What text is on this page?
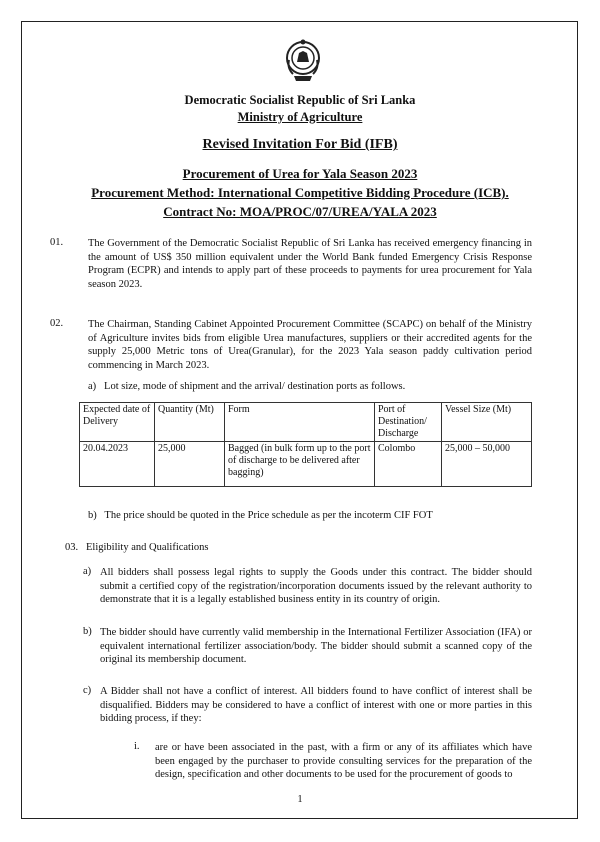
Democratic Socialist Republic of Sri Lanka
Ministry of Agriculture
Revised Invitation For Bid (IFB)
Procurement of Urea for Yala Season 2023
Procurement Method: International Competitive Bidding Procedure (ICB).
Contract No: MOA/PROC/07/UREA/YALA 2023
01. The Government of the Democratic Socialist Republic of Sri Lanka has received emergency financing in the amount of US$ 350 million equivalent under the World Bank funded Emergency Crisis Response Program (ECPR) and intends to apply part of these proceeds to payments for urea procurement for Yala season 2023.
02. The Chairman, Standing Cabinet Appointed Procurement Committee (SCAPC) on behalf of the Ministry of Agriculture invites bids from eligible Urea manufactures, suppliers or their accredited agents for the supply 25,000 Metric tons of Urea(Granular), for the 2023 Yala season paddy cultivation period commencing in March 2023.
a)   Lot size, mode of shipment and the arrival/ destination ports as follows.
Expected date of Delivery	Quantity (Mt)	Form	Port of Destination/ Discharge	Vessel Size (Mt)
20.04.2023	25,000	Bagged (in bulk form up to the port of discharge to be delivered after bagging)	Colombo	25,000 – 50,000
b)   The price should be quoted in the Price schedule as per the incoterm CIF FOT
03.   Eligibility and Qualifications
a) All bidders shall possess legal rights to supply the Goods under this contract. The bidder should submit a certified copy of the registration/incorporation documents issued by the relevant authority to demonstrate that it is a legally established business entity in its country of origin.
b) The bidder should have currently valid membership in the International Fertilizer Association (IFA) or equivalent international fertilizer association/body. The bidder should submit a scanned copy of the original its membership document.
c) A Bidder shall not have a conflict of interest. All bidders found to have conflict of interest shall be disqualified. Bidders may be considered to have a conflict of interest with one or more parties in this bidding process, if they:
i. are or have been associated in the past, with a firm or any of its affiliates which have been engaged by the purchaser to provide consulting services for the preparation of the design, specification and other documents to be used for the procurement of goods to
1
